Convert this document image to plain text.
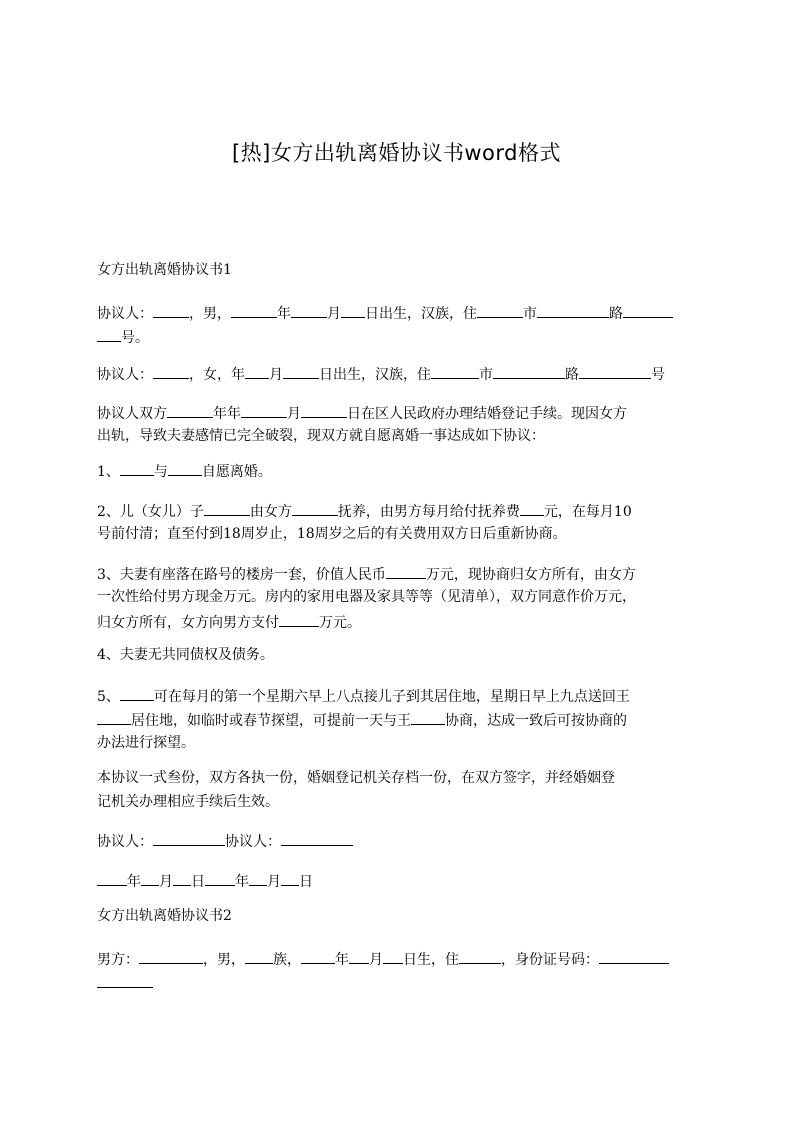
[热]女方出轨离婚协议书word格式

女方出轨离婚协议书1

协议人：	，男，	年	月 日出生，汉族，住	市	路
号。

协议人：	，女，年 月	日出生，汉族，住	市	路	号

协议人双方	年年	月	日在区人民政府办理结婚登记手续。现因女方
出轨，导致夫妻感情已完全破裂，现双方就自愿离婚一事达成如下协议：

1、 与 自愿离婚。

2、儿（女儿）子	由女方	抚养，由男方每月给付抚养费 元，在每月10
号前付清；直至付到18周岁止，18周岁之后的有关费用双方日后重新协商。

3、夫妻有座落在路号的楼房一套，价值人民币	万元，现协商归女方所有，由女方
一次性给付男方现金万元。房内的家用电器及家具等等（见清单），双方同意作价万元，
归女方所有，女方向男方支付	万元。

4、夫妻无共同债权及债务。

5、 可在每月的第一个星期六早上八点接儿子到其居住地，星期日早上九点送回王
居住地，如临时或春节探望，可提前一天与王 协商，达成一致后可按协商的
办法进行探望。

本协议一式叁份，双方各执一份，婚姻登记机关存档一份，在双方签字，并经婚姻登
记机关办理相应手续后生效。

协议人：	协议人：

年 月 日 年 月 日

女方出轨离婚协议书2

男方：	，男， 族， 年 月 日生，住	，身份证号码：
